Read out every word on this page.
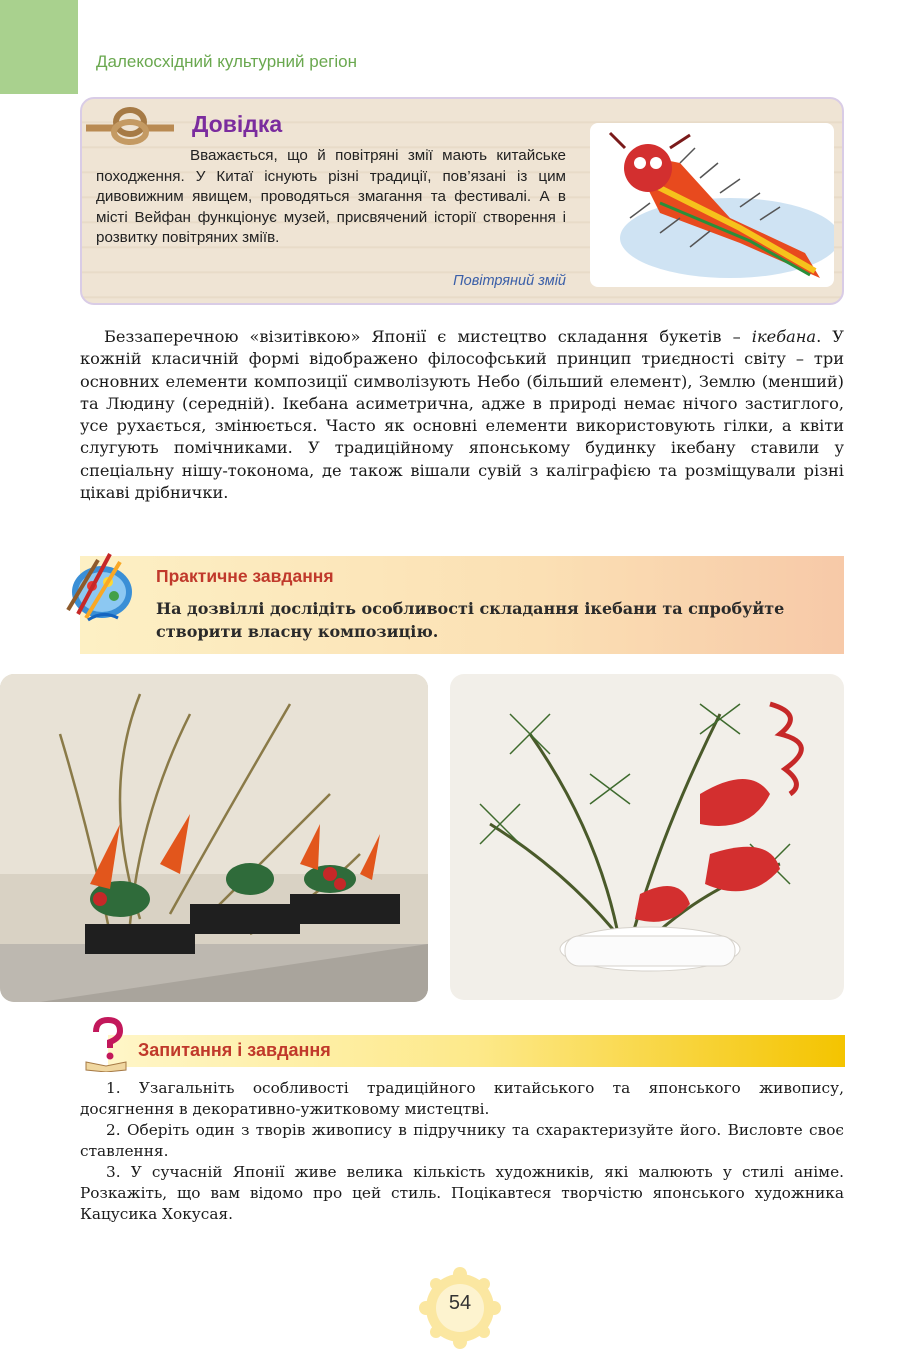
Далекосхідний культурний регіон
Довідка
Вважається, що й повітряні змії мають китайське походження. У Китаї існують різні традиції, пов’язані із цим дивовижним явищем, проводяться змагання та фестивалі. А в місті Вейфан функціонує музей, присвячений історії створення і розвитку повітряних зміїв.
Повітряний змій
Беззаперечною «візитівкою» Японії є мистецтво складання букетів – ікебана. У кожній класичній формі відображено філософський принцип триєдності світу – три основних елементи композиції символізують Небо (більший елемент), Землю (менший) та Людину (середній). Ікебана асиметрична, адже в природі немає нічого застиглого, усе рухається, змінюється. Часто як основні елементи використовують гілки, а квіти слугують помічниками. У традиційному японському будинку ікебану ставили у спеціальну нішу-токонома, де також вішали сувій з каліграфією та розміщували різні цікаві дрібнички.
Практичне завдання
На дозвіллі дослідіть особливості складання ікебани та спробуйте створити власну композицію.
Запитання і завдання

1. Узагальніть особливості традиційного китайського та японського живопису, досягнення в декоративно-ужитковому мистецтві.

2. Оберіть один з творів живопису в підручнику та схарактеризуйте його. Висловте своє ставлення.

3. У сучасній Японії живе велика кількість художників, які малюють у стилі аніме. Розкажіть, що вам відомо про цей стиль. Поцікавтеся творчістю японського художника Кацусика Хокусая.

54
